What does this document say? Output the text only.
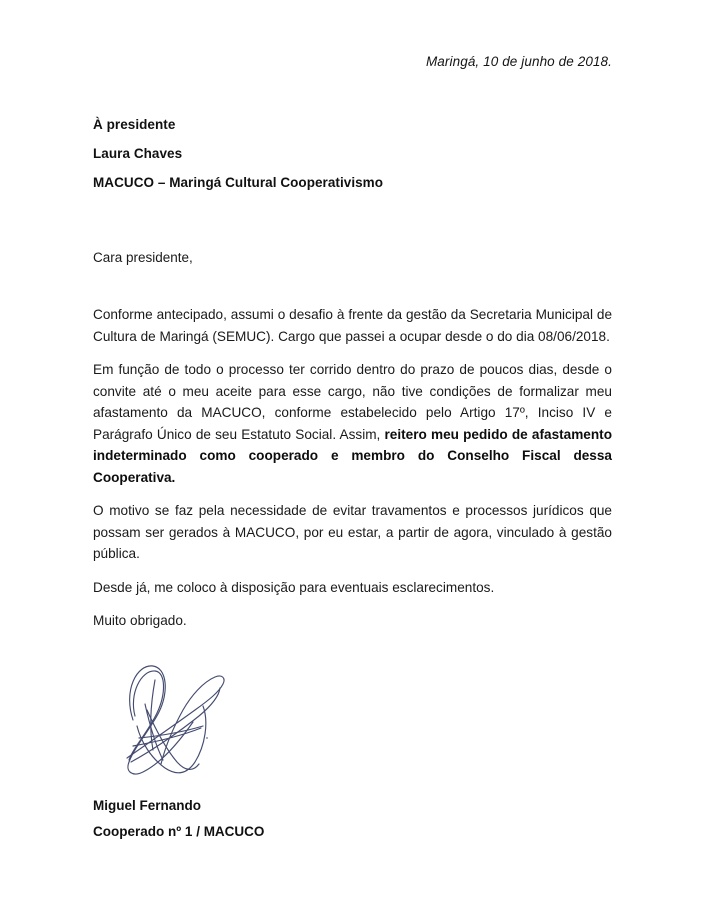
Maringá, 10 de junho de 2018.
À presidente
Laura Chaves
MACUCO – Maringá Cultural Cooperativismo
Cara presidente,

Conforme antecipado, assumi o desafio à frente da gestão da Secretaria Municipal de Cultura de Maringá (SEMUC). Cargo que passei a ocupar desde o do dia 08/06/2018.

Em função de todo o processo ter corrido dentro do prazo de poucos dias, desde o convite até o meu aceite para esse cargo, não tive condições de formalizar meu afastamento da MACUCO, conforme estabelecido pelo Artigo 17º, Inciso IV e Parágrafo Único de seu Estatuto Social. Assim, reitero meu pedido de afastamento indeterminado como cooperado e membro do Conselho Fiscal dessa Cooperativa.

O motivo se faz pela necessidade de evitar travamentos e processos jurídicos que possam ser gerados à MACUCO, por eu estar, a partir de agora, vinculado à gestão pública.

Desde já, me coloco à disposição para eventuais esclarecimentos.

Muito obrigado.

Miguel Fernando
Cooperado nº 1 / MACUCO
